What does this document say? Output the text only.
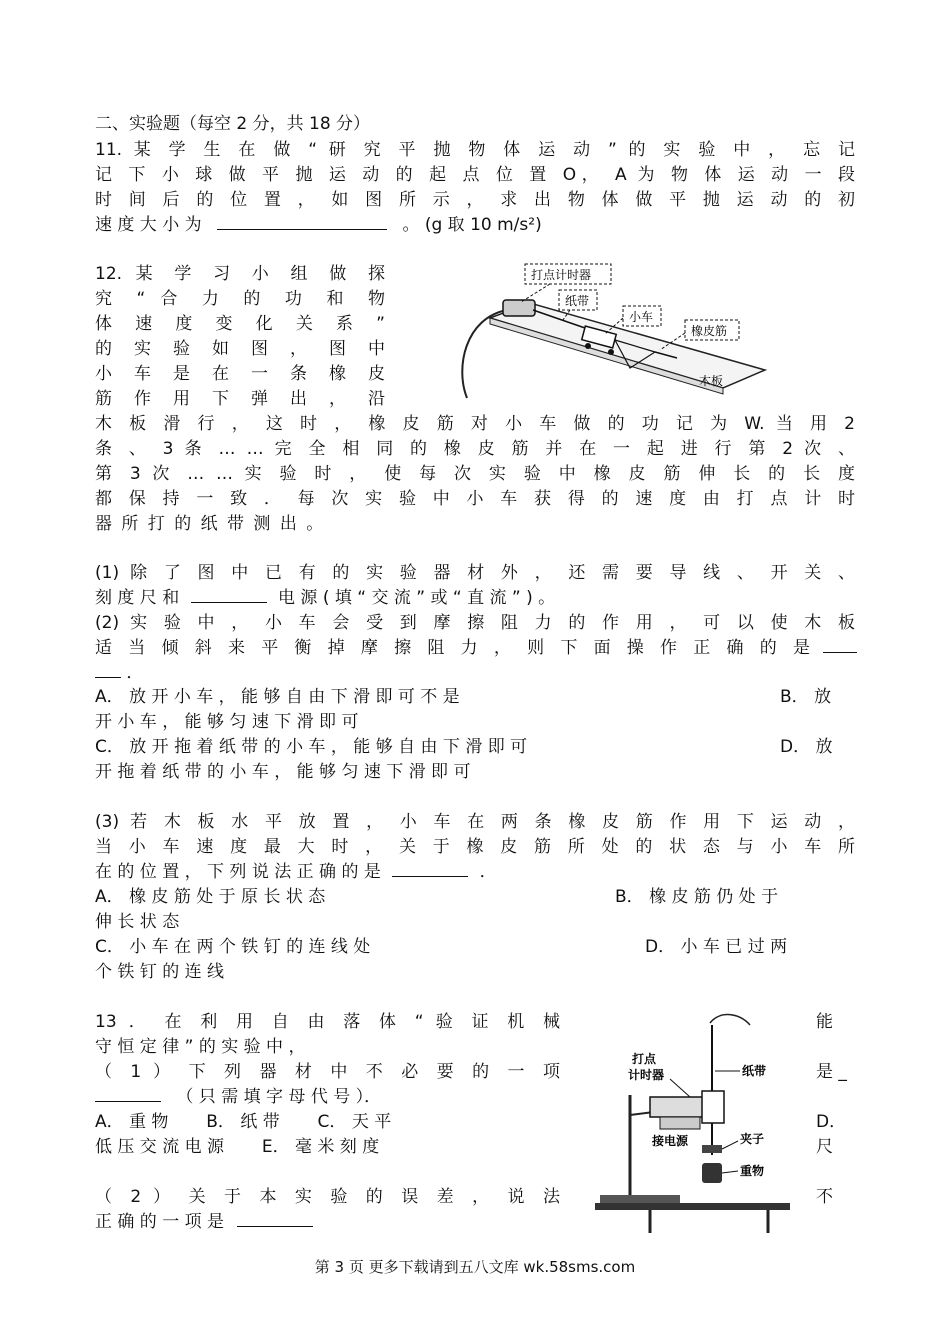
二、实验题（每空 2 分，共 18 分）
11. 某 学 生 在 做 “ 研 究 平 抛 物 体 运 动 ” 的 实 验 中 ， 忘 记
记 下 小 球 做 平 抛 运 动 的 起 点 位 置 O， A 为 物 体 运 动 一 段
时 间 后 的 位 置 ， 如 图 所 示 ， 求 出 物 体 做 平 抛 运 动 的 初
速 度 大 小 为	。 (g 取 10 m/s²)
12. 某 学 习 小 组 做 探
究 “ 合 力 的 功 和 物
体 速 度 变 化 关 系 ”
的 实 验 如 图 ， 图 中
小 车 是 在 一 条 橡 皮
筋 作 用 下 弹 出 ， 沿
打点计时器
纸带
小车
橡皮筋
木板
木 板 滑 行 ， 这 时 ， 橡 皮 筋 对 小 车 做 的 功 记 为 W. 当 用 2
条 、 3 条 … … 完 全 相 同 的 橡 皮 筋 并 在 一 起 进 行 第 2 次 、
第 3 次 … … 实 验 时 ， 使 每 次 实 验 中 橡 皮 筋 伸 长 的 长 度
都 保 持 一 致 ． 每 次 实 验 中 小 车 获 得 的 速 度 由 打 点 计 时
器 所 打 的 纸 带 测 出 。
(1) 除 了 图 中 已 有 的 实 验 器 材 外 ， 还 需 要 导 线 、 开 关 、
刻 度 尺 和	电 源 ( 填 “ 交 流 ” 或 “ 直 流 ” ) 。
(2) 实 验 中 ， 小 车 会 受 到 摩 擦 阻 力 的 作 用 ， 可 以 使 木 板
适 当 倾 斜 来 平 衡 掉 摩 擦 阻 力 ， 则 下 面 操 作 正 确 的 是
．
A． 放 开 小 车 ， 能 够 自 由 下 滑 即 可 不 是	B． 放
开 小 车 ， 能 够 匀 速 下 滑 即 可
C． 放 开 拖 着 纸 带 的 小 车 ， 能 够 自 由 下 滑 即 可	D． 放
开 拖 着 纸 带 的 小 车 ， 能 够 匀 速 下 滑 即 可
(3) 若 木 板 水 平 放 置 ， 小 车 在 两 条 橡 皮 筋 作 用 下 运 动 ，
当 小 车 速 度 最 大 时 ， 关 于 橡 皮 筋 所 处 的 状 态 与 小 车 所
在 的 位 置 ， 下 列 说 法 正 确 的 是	．
A． 橡 皮 筋 处 于 原 长 状 态	B． 橡 皮 筋 仍 处 于
伸 长 状 态
C． 小 车 在 两 个 铁 钉 的 连 线 处	D． 小 车 已 过 两
个 铁 钉 的 连 线
13 ． 在 利 用 自 由 落 体 “ 验 证 机 械	能
守 恒 定 律 ” 的 实 验 中 ，
（ 1 ） 下 列 器 材 中 不 必 要 的 一 项	是 _
（ 只 需 填 字 母 代 号 ）．
A． 重 物       B． 纸 带       C． 天 平	D．
低 压 交 流 电 源       E． 毫 米 刻 度	尺
（ 2 ） 关 于 本 实 验 的 误 差 ， 说 法	不
正 确 的 一 项 是
打点
计时器	纸带
接电源	夹子
重物
第 3 页 更多下载请到五八文库 wk.58sms.com
